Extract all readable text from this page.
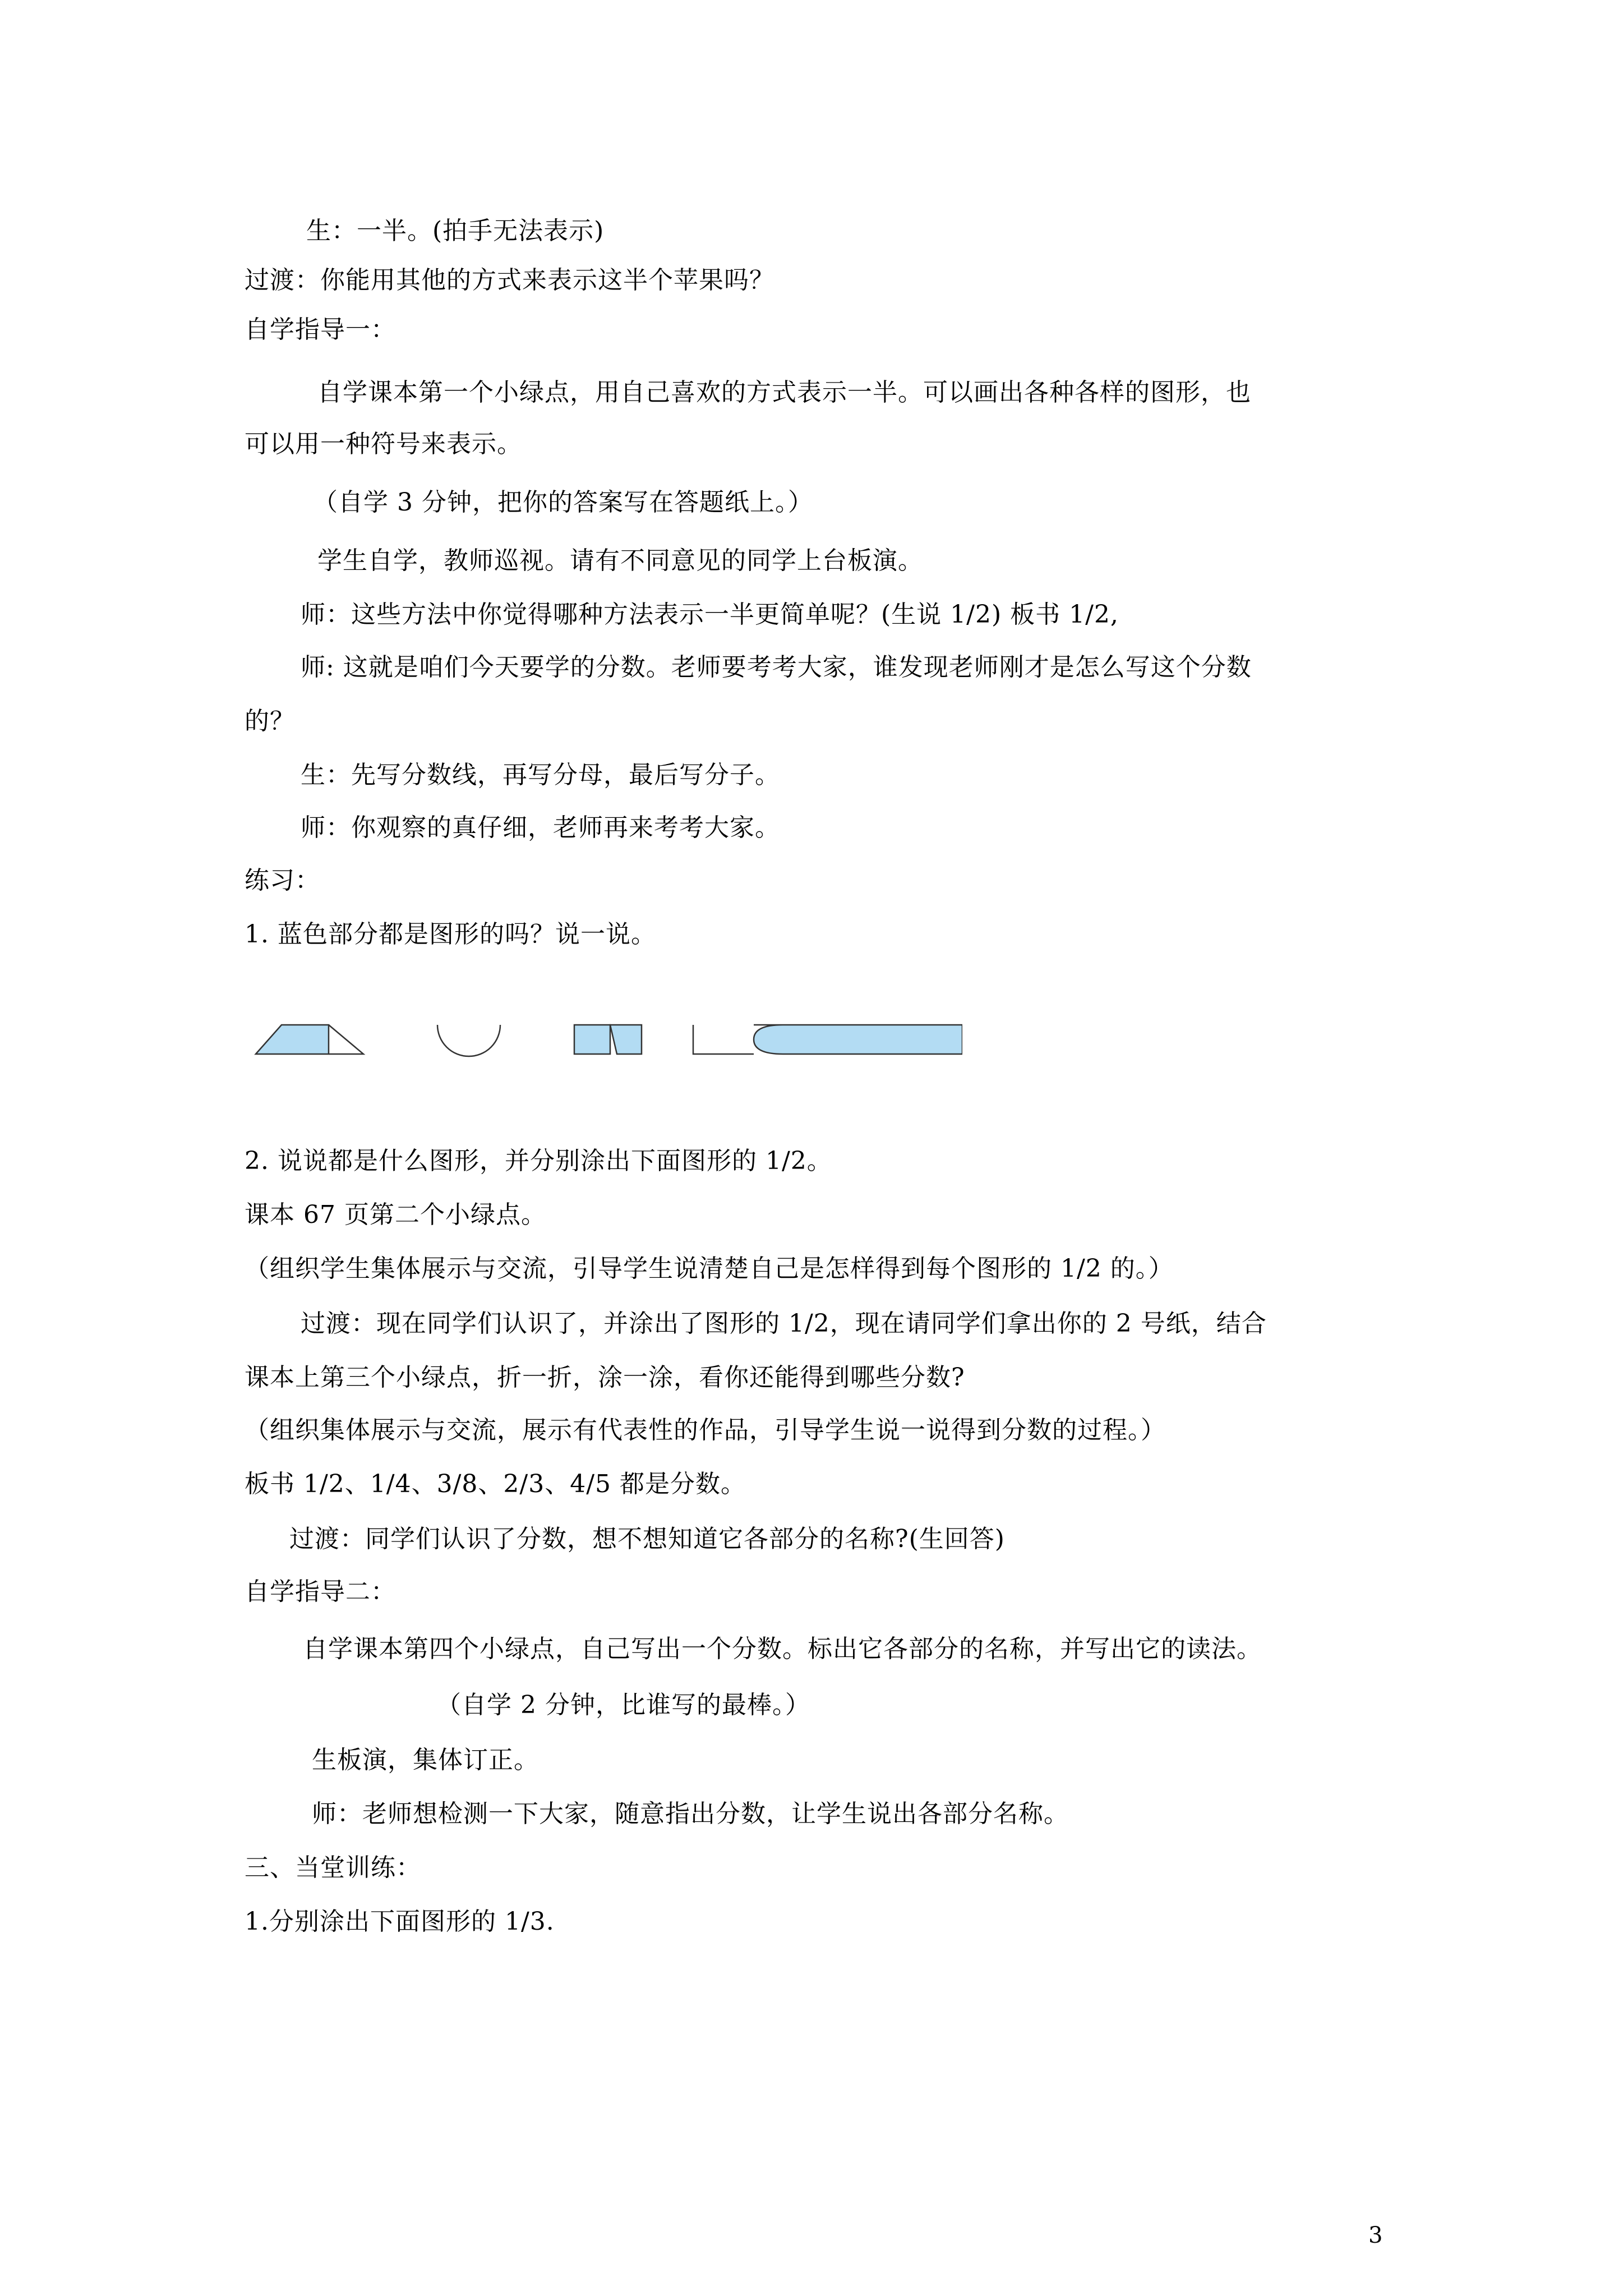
生：一半。(拍手无法表示)
过渡：你能用其他的方式来表示这半个苹果吗？
自学指导一：
自学课本第一个小绿点，用自己喜欢的方式表示一半。可以画出各种各样的图形，也
可以用一种符号来表示。
（自学 3 分钟，把你的答案写在答题纸上。）
学生自学，教师巡视。请有不同意见的同学上台板演。
师：这些方法中你觉得哪种方法表示一半更简单呢？(生说 1/2) 板书 1/2,
师: 这就是咱们今天要学的分数。老师要考考大家，谁发现老师刚才是怎么写这个分数
的？
生：先写分数线，再写分母，最后写分子。
师：你观察的真仔细，老师再来考考大家。
练习：
1. 蓝色部分都是图形的吗？说一说。
2. 说说都是什么图形，并分别涂出下面图形的 1/2。
课本 67 页第二个小绿点。
（组织学生集体展示与交流，引导学生说清楚自己是怎样得到每个图形的 1/2 的。）
过渡：现在同学们认识了，并涂出了图形的 1/2，现在请同学们拿出你的 2 号纸，结合
课本上第三个小绿点，折一折，涂一涂，看你还能得到哪些分数?
（组织集体展示与交流，展示有代表性的作品，引导学生说一说得到分数的过程。）
板书 1/2、1/4、3/8、2/3、4/5 都是分数。
过渡：同学们认识了分数，想不想知道它各部分的名称?(生回答)
自学指导二：
自学课本第四个小绿点，自己写出一个分数。标出它各部分的名称，并写出它的读法。
（自学 2 分钟，比谁写的最棒。）
生板演，集体订正。
师：老师想检测一下大家，随意指出分数，让学生说出各部分名称。
三、当堂训练：
1.分别涂出下面图形的 1/3.
3
